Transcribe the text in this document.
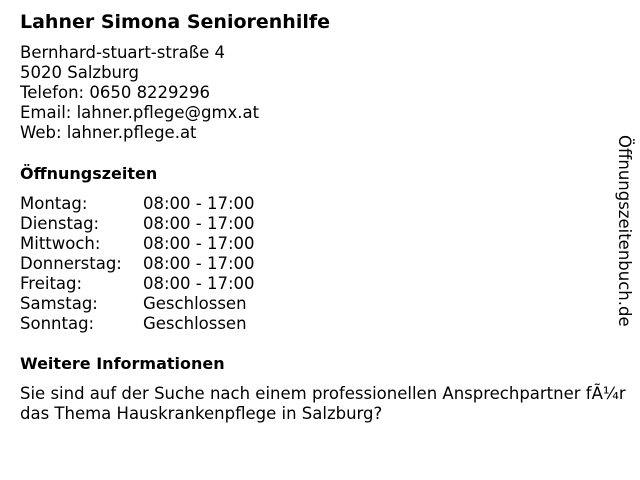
Lahner Simona Seniorenhilfe
Bernhard-stuart-straße 4
5020 Salzburg
Telefon: 0650 8229296
Email: lahner.pflege@gmx.at
Web: lahner.pflege.at
Öffnungszeiten
Montag:	08:00 - 17:00
Dienstag:	08:00 - 17:00
Mittwoch:	08:00 - 17:00
Donnerstag: 08:00 - 17:00
Freitag:	08:00 - 17:00
Samstag:	Geschlossen
Sonntag:	Geschlossen
Weitere Informationen
Sie sind auf der Suche nach einem professionellen Ansprechpartner fÃ¼r das Thema Hauskrankenpflege in Salzburg?
Öffnungszeitenbuch.de
